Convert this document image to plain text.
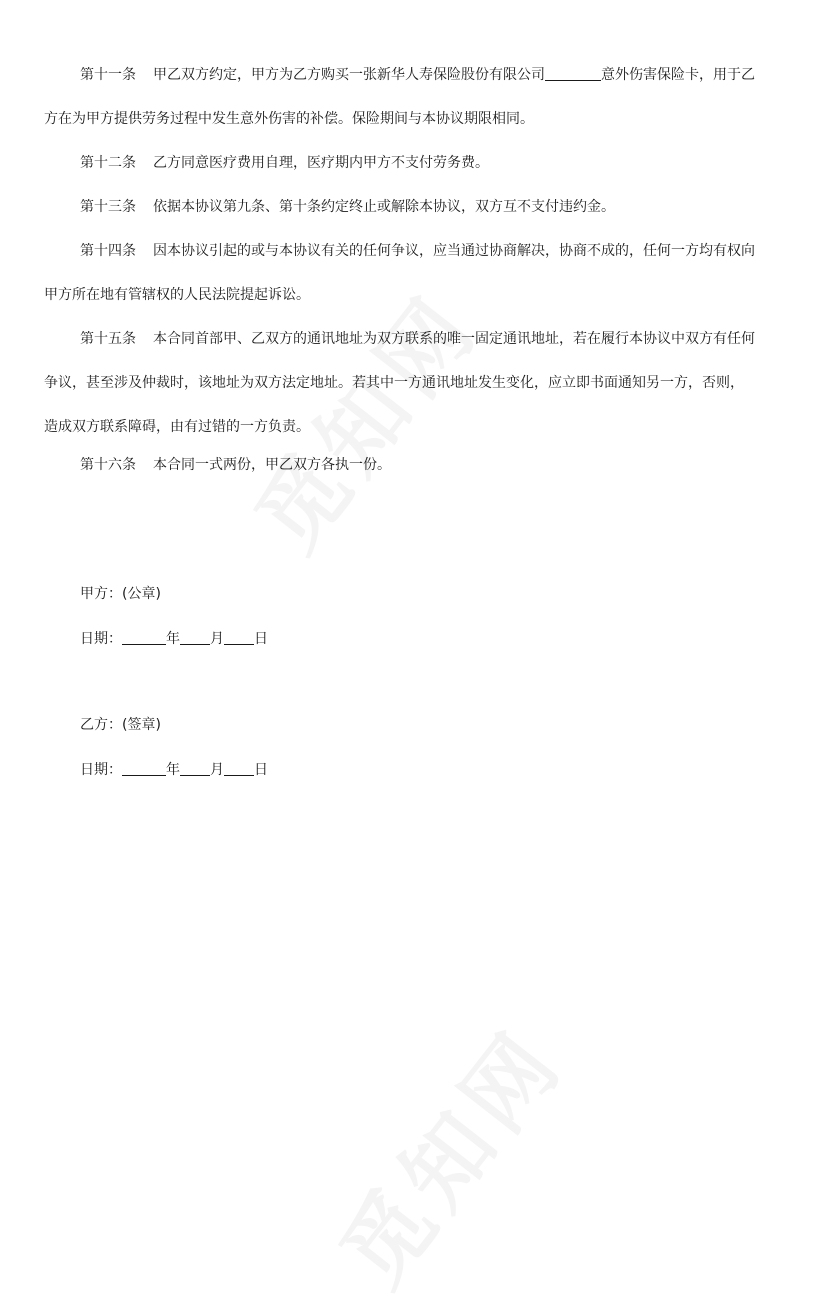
第十一条 甲乙双方约定，甲方为乙方购买一张新华人寿保险股份有限公司	意外伤害保险卡，用于乙
方在为甲方提供劳务过程中发生意外伤害的补偿。保险期间与本协议期限相同。
第十二条 乙方同意医疗费用自理，医疗期内甲方不支付劳务费。
第十三条 依据本协议第九条、第十条约定终止或解除本协议，双方互不支付违约金。
第十四条 因本协议引起的或与本协议有关的任何争议，应当通过协商解决，协商不成的，任何一方均有权向
甲方所在地有管辖权的人民法院提起诉讼。
第十五条 本合同首部甲、乙双方的通讯地址为双方联系的唯一固定通讯地址，若在履行本协议中双方有任何
争议，甚至涉及仲裁时，该地址为双方法定地址。若其中一方通讯地址发生变化，应立即书面通知另一方，否则，
造成双方联系障碍，由有过错的一方负责。
第十六条 本合同一式两份，甲乙双方各执一份。
甲方：(公章)
日期：	年 月 日
乙方：(签章)
日期：	年 月 日
